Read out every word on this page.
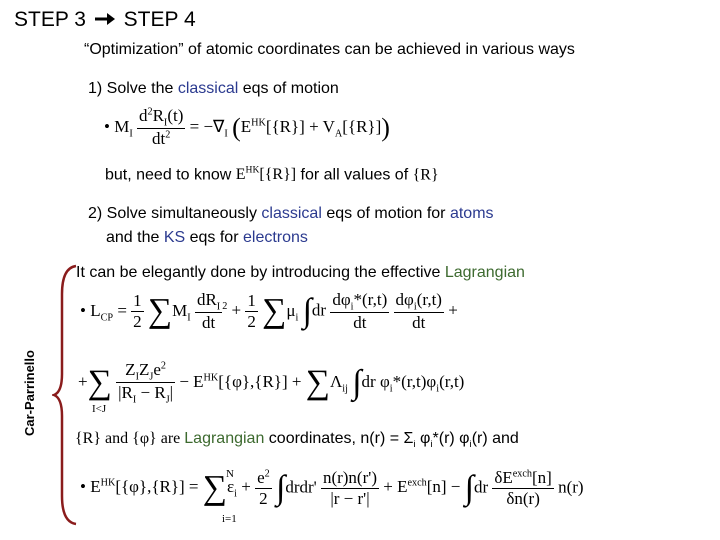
STEP 3 STEP 4
“Optimization” of atomic coordinates can be achieved in various ways
1) Solve the classical eqs of motion
• $M_I \frac{d^2R_I(t)}{dt^2} = -\nabla_I$ $(E^{HK}[\{R\}] + V_A[\{R\}])$
but, need to know $E^{HK}[\{R\}]$ for all values of {R}
2) Solve simultaneously classical eqs of motion for atoms
and the KS eqs for electrons
Car-Parrinello
It can be elegantly done by introducing the effective Lagrangian
• $L_{CP} = \frac{1}{2} \sum M_I \frac{dR_I}{dt} ^2 + \frac{1}{2} \sum\mu_i$ $\int dr \frac{d\varphi_i*(r,t)}{dt}$
$\frac{d\varphi_i(r,t)}{dt}$ +
+∑ $\frac{Z_IZ_Je^2}{|R_I - R_J|} - E^{HK}[\{\varphi\},\{R\}] + \sum\Lambda_{ij}$ ∫dr $\varphi_i*(r,t)\varphi_i(r,t)$
I<J
{R} and {φ} are Lagrangian coordinates, $n(r) = \Sigma_i$ $\varphi_i*(r)$ $\varphi_i(r)$ and
• $E^{HK}[\{\varphi\},\{R\}] = \sum\varepsilon_i + \frac{e^2}{2}$ ∫drdr' $\frac{n(r)n(r')}{|r - r'|} + E^{exch}[n] - \int dr \frac{\delta E^{exch}[n]}{\delta n(r)} n(r)$
N
i=1
